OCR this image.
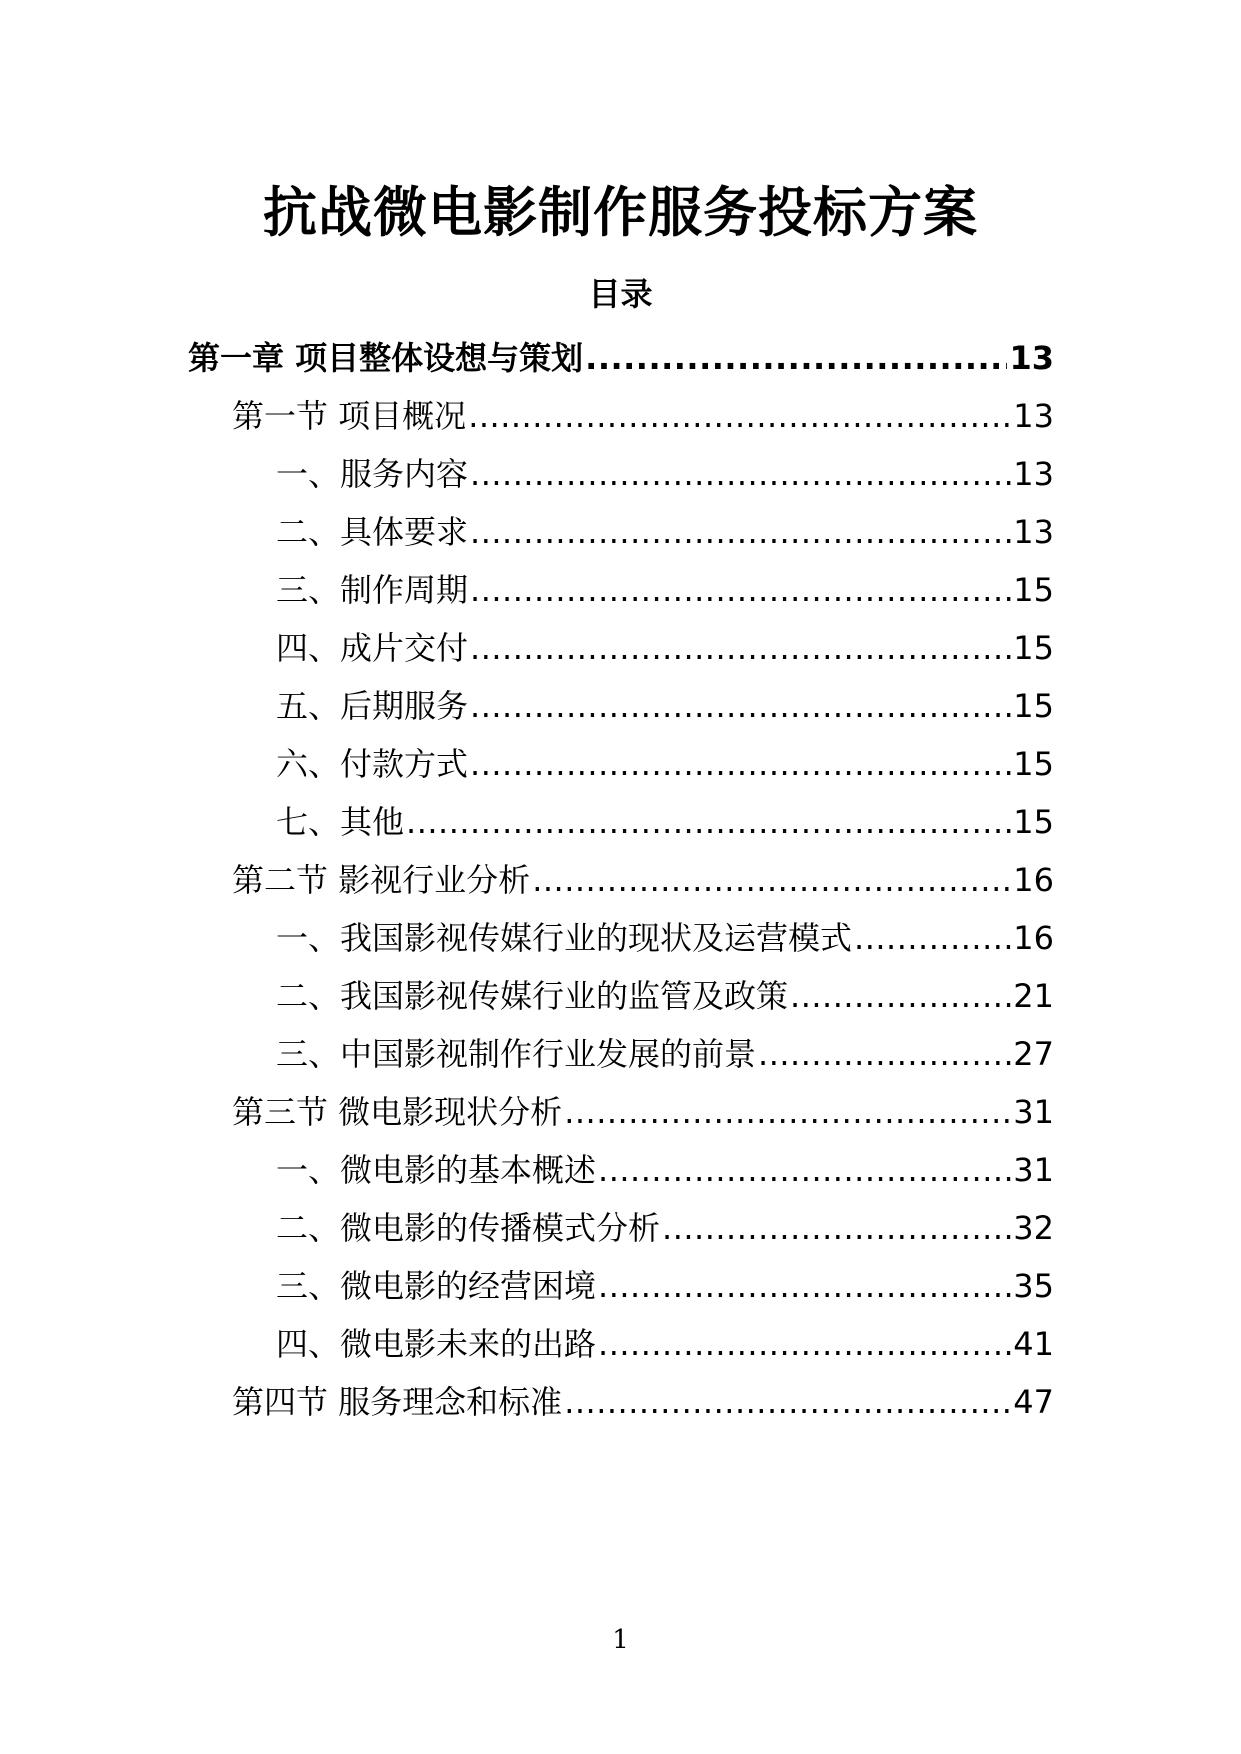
抗战微电影制作服务投标方案
目录
第一章 项目整体设想与策划 .....	13
第一节 项目概况 .....	13
一、服务内容 .....	13
二、具体要求 .....	13
三、制作周期 .....	15
四、成片交付 .....	15
五、后期服务 .....	15
六、付款方式 .....	15
七、其他 .....	15
第二节 影视行业分析 .....	16
一、我国影视传媒行业的现状及运营模式 .....	16
二、我国影视传媒行业的监管及政策 .....	21
三、中国影视制作行业发展的前景 .....	27
第三节 微电影现状分析 .....	31
一、微电影的基本概述 .....	31
二、微电影的传播模式分析 .....	32
三、微电影的经营困境 .....	35
四、微电影未来的出路 .....	41
第四节 服务理念和标准 .....	47
1
